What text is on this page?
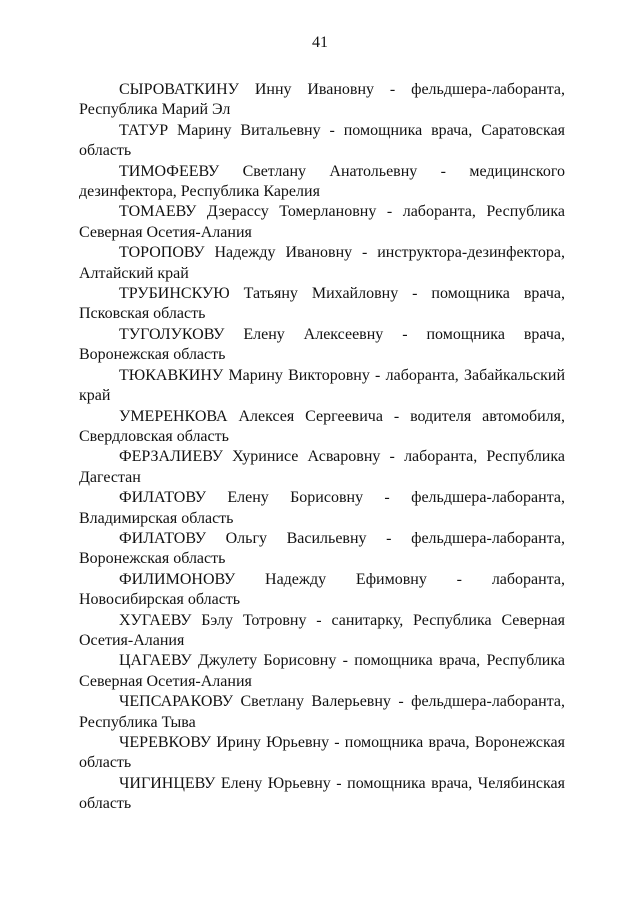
41
СЫРОВАТКИНУ Инну Ивановну - фельдшера-лаборанта, Республика Марий Эл
ТАТУР Марину Витальевну - помощника врача, Саратовская область
ТИМОФЕЕВУ Светлану Анатольевну - медицинского дезинфектора, Республика Карелия
ТОМАЕВУ Дзерассу Томерлановну - лаборанта, Республика Северная Осетия-Алания
ТОРОПОВУ Надежду Ивановну - инструктора-дезинфектора, Алтайский край
ТРУБИНСКУЮ Татьяну Михайловну - помощника врача, Псковская область
ТУГОЛУКОВУ Елену Алексеевну - помощника врача, Воронежская область
ТЮКАВКИНУ Марину Викторовну - лаборанта, Забайкальский край
УМЕРЕНКОВА Алексея Сергеевича - водителя автомобиля, Свердловская область
ФЕРЗАЛИЕВУ Хуринисе Асваровну - лаборанта, Республика Дагестан
ФИЛАТОВУ Елену Борисовну - фельдшера-лаборанта, Владимирская область
ФИЛАТОВУ Ольгу Васильевну - фельдшера-лаборанта, Воронежская область
ФИЛИМОНОВУ Надежду Ефимовну - лаборанта, Новосибирская область
ХУГАЕВУ Бэлу Тотровну - санитарку, Республика Северная Осетия-Алания
ЦАГАЕВУ Джулету Борисовну - помощника врача, Республика Северная Осетия-Алания
ЧЕПСАРАКОВУ Светлану Валерьевну - фельдшера-лаборанта, Республика Тыва
ЧЕРЕВКОВУ Ирину Юрьевну - помощника врача, Воронежская область
ЧИГИНЦЕВУ Елену Юрьевну - помощника врача, Челябинская область
